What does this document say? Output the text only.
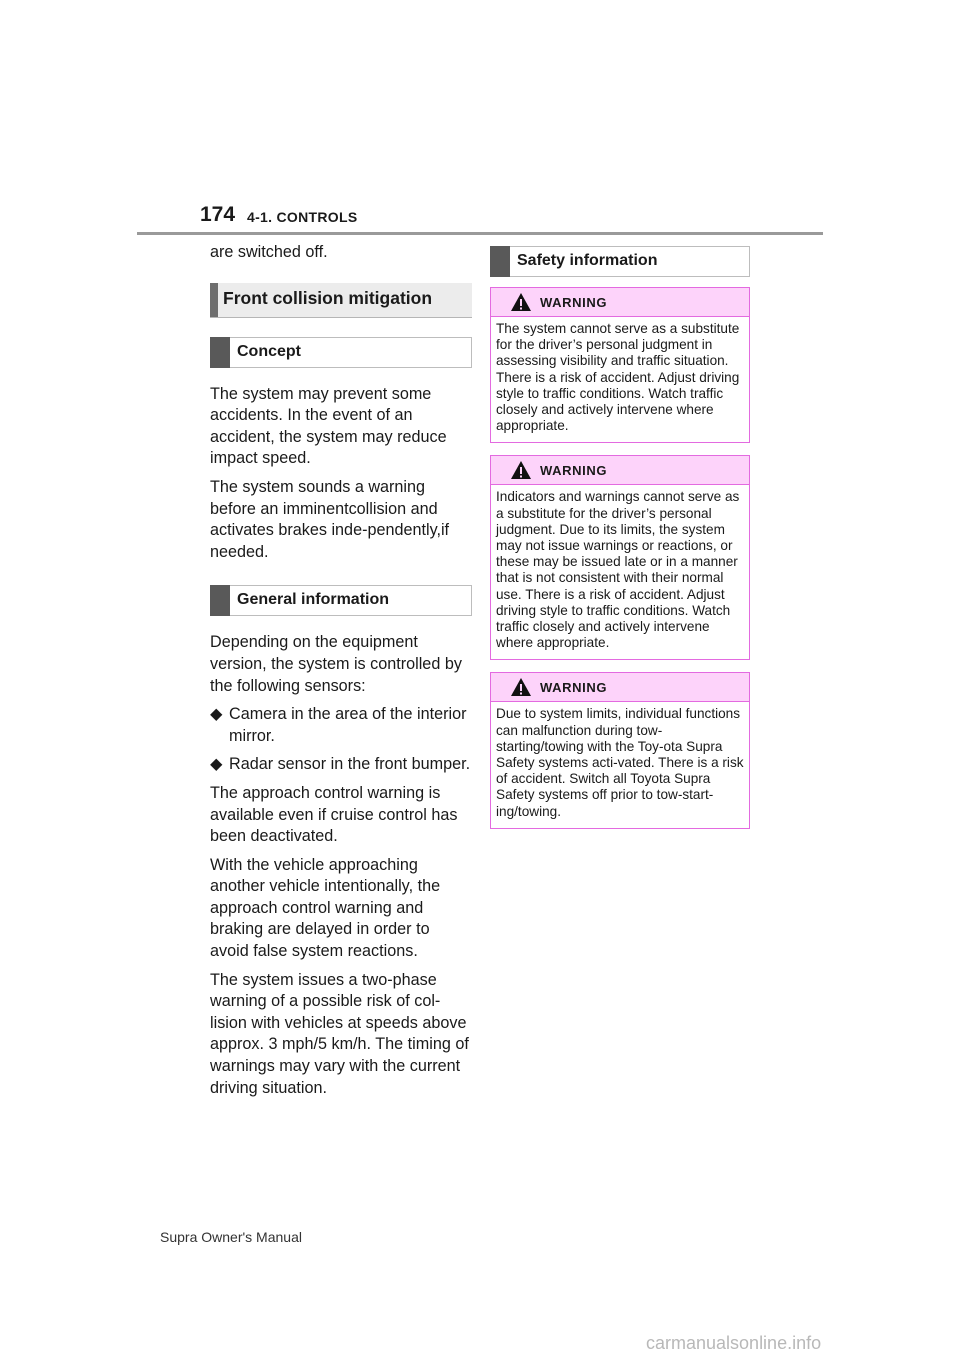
174 4-1. CONTROLS

are switched off.

Front collision mitigation
Concept

The system may prevent some accidents. In the event of an accident, the system may reduce impact speed.

The system sounds a warning before an imminentcollision and activates brakes inde-pendently,if needed.

General information

Depending on the equipment version, the system is controlled by the following sensors:

◆ Camera in the area of the interior mirror.
◆ Radar sensor in the front bumper.

The approach control warning is available even if cruise control has been deactivated.

With the vehicle approaching another vehicle intentionally, the approach control warning and braking are delayed in order to avoid false system reactions.

The system issues a two-phase warning of a possible risk of col-lision with vehicles at speeds above approx. 3 mph/5 km/h. The timing of warnings may vary with the current driving situation.

Safety information
WARNING
The system cannot serve as a substitute for the driver’s personal judgment in assessing visibility and traffic situation. There is a risk of accident. Adjust driving style to traffic conditions. Watch traffic closely and actively intervene where appropriate.
WARNING
Indicators and warnings cannot serve as a substitute for the driver’s personal judgment. Due to its limits, the system may not issue warnings or reactions, or these may be issued late or in a manner that is not consistent with their normal use. There is a risk of accident. Adjust driving style to traffic conditions. Watch traffic closely and actively intervene where appropriate.
WARNING
Due to system limits, individual functions can malfunction during tow-starting/towing with the Toy-ota Supra Safety systems acti-vated. There is a risk of accident. Switch all Toyota Supra Safety systems off prior to tow-start-ing/towing.
Supra Owner's Manual
carmanualsonline.info
